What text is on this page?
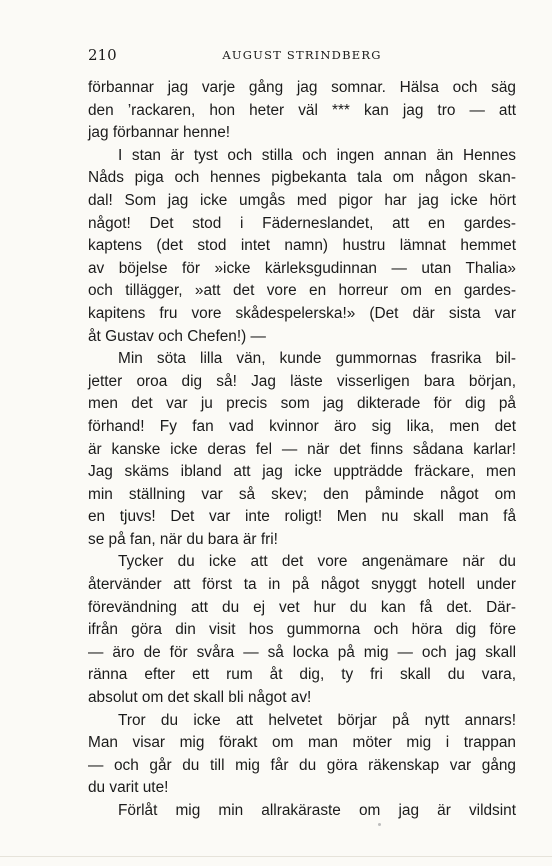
210	AUGUST STRINDBERG
förbannar jag varje gång jag somnar. Hälsa och säg
den ’rackaren, hon heter väl *** kan jag tro — att
jag förbannar henne!
I stan är tyst och stilla och ingen annan än Hennes
Nåds piga och hennes pigbekanta tala om någon skan-
dal! Som jag icke umgås med pigor har jag icke hört
något! Det stod i Fäderneslandet, att en gardes-
kaptens (det stod intet namn) hustru lämnat hemmet
av böjelse för »icke kärleksgudinnan — utan Thalia»
och tillägger, »att det vore en horreur om en gardes-
kapitens fru vore skådespelerska!» (Det där sista var
åt Gustav och Chefen!) —
Min söta lilla vän, kunde gummornas frasrika bil-
jetter oroa dig så! Jag läste visserligen bara början,
men det var ju precis som jag dikterade för dig på
förhand! Fy fan vad kvinnor äro sig lika, men det
är kanske icke deras fel — när det finns sådana karlar!
Jag skäms ibland att jag icke uppträdde fräckare, men
min ställning var så skev; den påminde något om
en tjuvs! Det var inte roligt! Men nu skall man få
se på fan, när du bara är fri!
Tycker du icke att det vore angenämare när du
återvänder att först ta in på något snyggt hotell under
förevändning att du ej vet hur du kan få det. Där-
ifrån göra din visit hos gummorna och höra dig före
— äro de för svåra — så locka på mig — och jag skall
ränna efter ett rum åt dig, ty fri skall du vara,
absolut om det skall bli något av!
Tror du icke att helvetet börjar på nytt annars!
Man visar mig förakt om man möter mig i trappan
— och går du till mig får du göra räkenskap var gång
du varit ute!
Förlåt mig min allrakäraste om jag är vildsint
